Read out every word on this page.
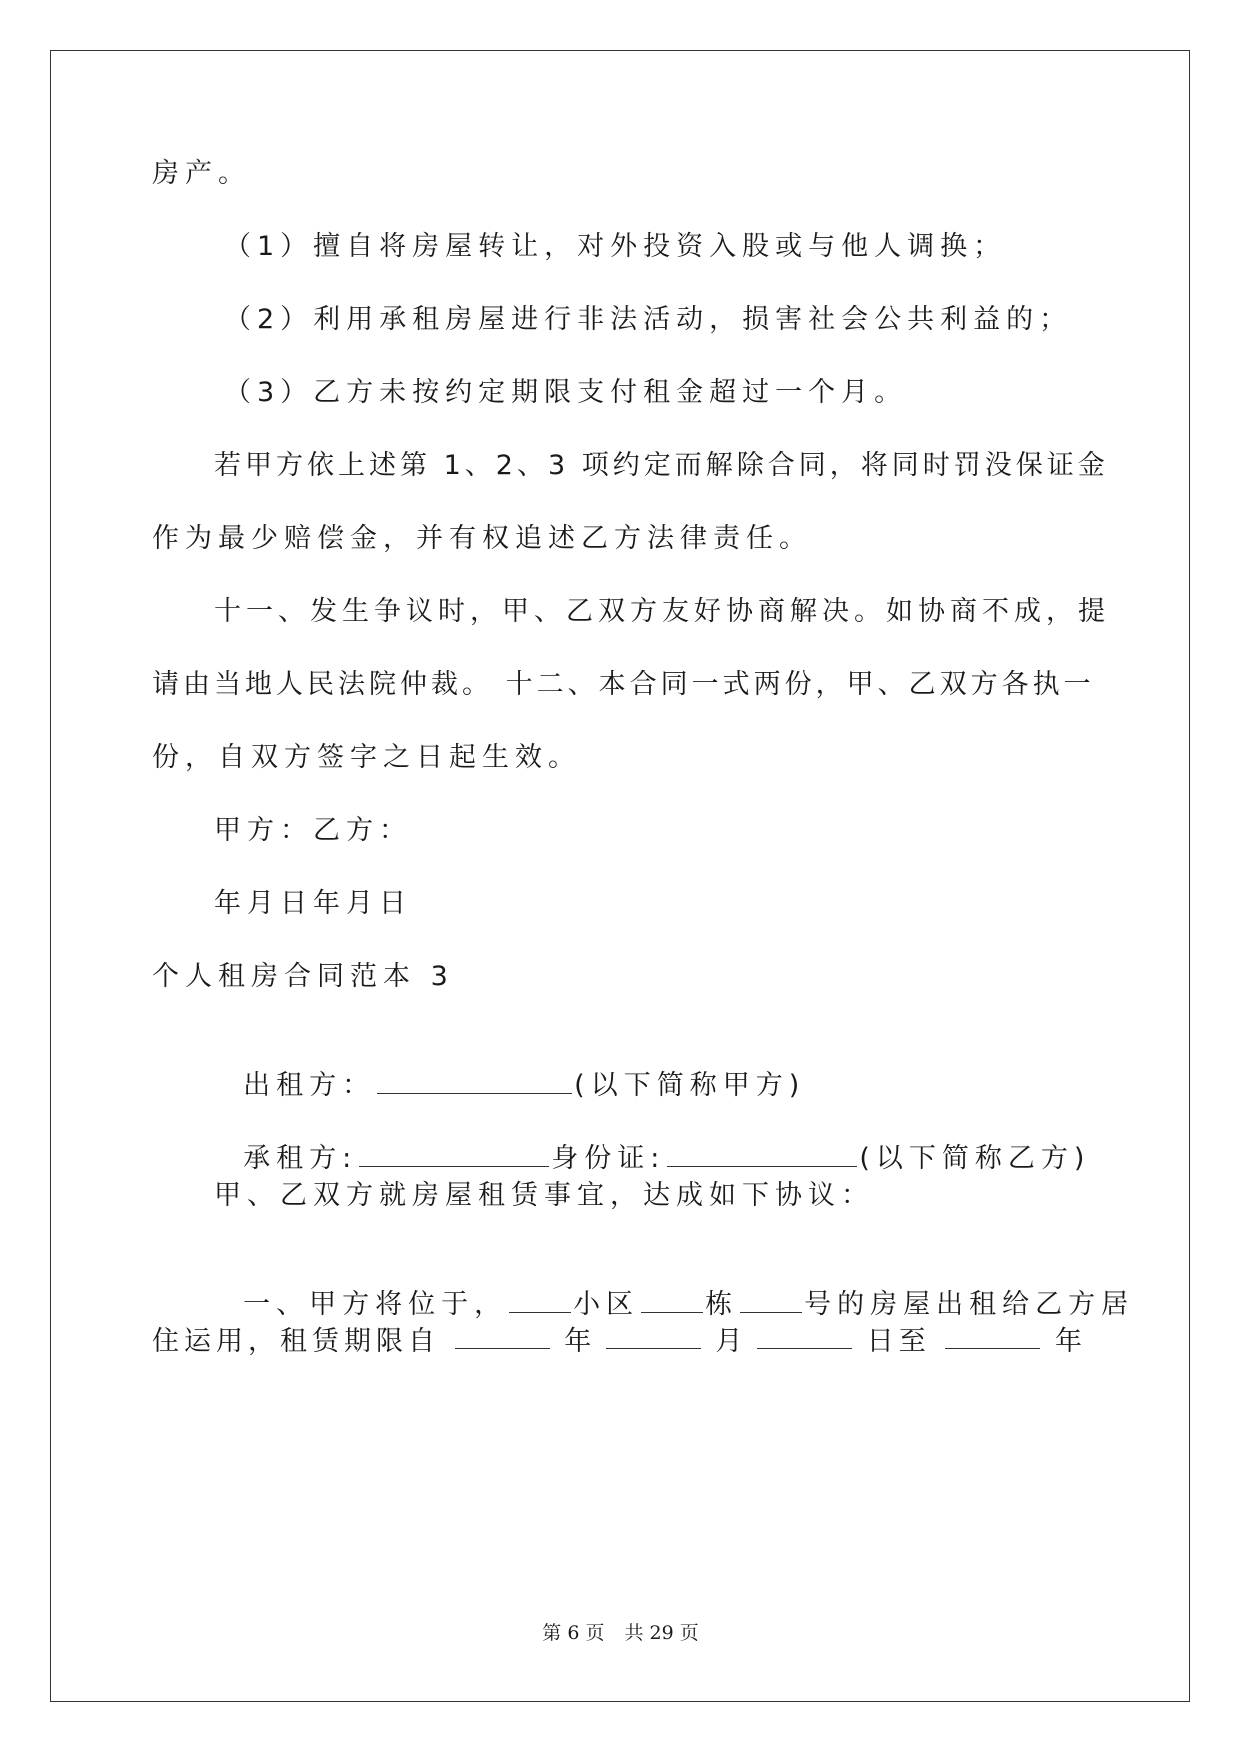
房产。
（1）擅自将房屋转让，对外投资入股或与他人调换；
（2）利用承租房屋进行非法活动，损害社会公共利益的；
（3）乙方未按约定期限支付租金超过一个月。
若甲方依上述第 1、2、3 项约定而解除合同，将同时罚没保证金
作为最少赔偿金，并有权追述乙方法律责任。
十一、发生争议时，甲、乙双方友好协商解决。如协商不成，提
请由当地人民法院仲裁。 十二、本合同一式两份，甲、乙双方各执一
份，自双方签字之日起生效。
甲方：乙方：
年月日年月日
个人租房合同范本 3

出租方：	(以下简称甲方)

承租方:	身份证:	(以下简称乙方)

甲、乙双方就房屋租赁事宜，达成如下协议：

一、甲方将位于， 小区 栋 号的房屋出租给乙方居

住运用，租赁期限自	年	月	日至	年
第 6 页 共 29 页
